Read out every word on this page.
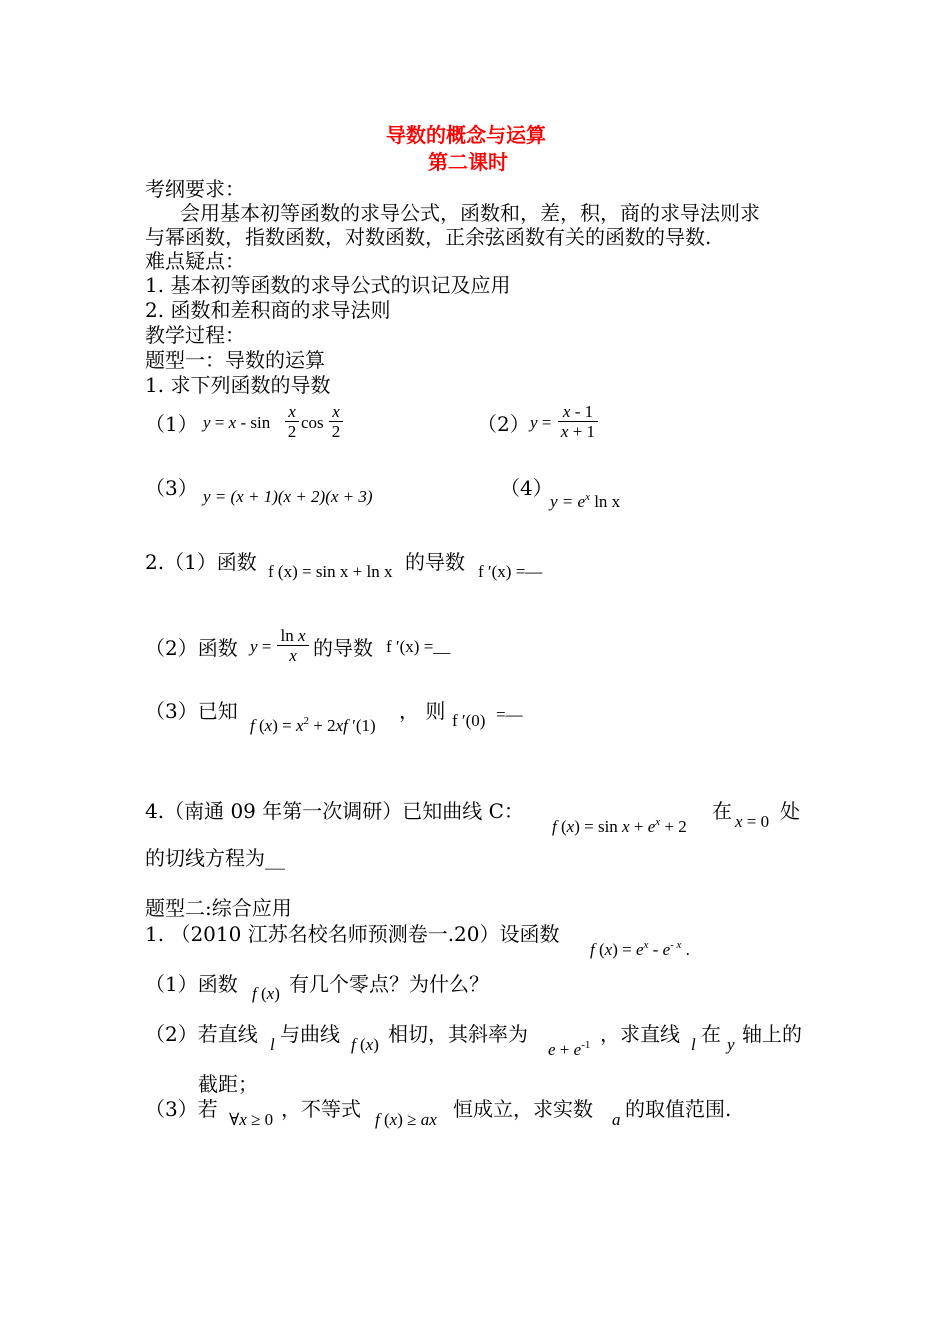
导数的概念与运算
第二课时
考纲要求：
会用基本初等函数的求导公式，函数和，差，积，商的求导法则求
与幂函数，指数函数，对数函数，正余弦函数有关的函数的导数.
难点疑点：
1. 基本初等函数的求导公式的识记及应用
2. 函数和差积商的求导法则
教学过程：
题型一：导数的运算
1. 求下列函数的导数
（1） $y = x - \sin \frac{x}{2}$ $\cos \frac{x}{2}$	（2） $y = \frac{x - 1}{x + 1}$
（3） y = (x + 1)(x + 2)(x + 3)	（4）
$y = e^x$ ln x
2.（1）函数 f (x) = sin x + ln x 的导数 f ′(x) =—
（2）函数 $y = \frac{\text{ln x}}{x}$ 的导数 f ′(x) =__
（3）已知
f $(x) = x^2 + 2xf$ ′(1)
， 则 f ′(0) =—
4.（南通 09 年第一次调研）已知曲线 C：
f $(x) = \sin x + e^x + 2$
在 x = 0 处
的切线方程为__
题型二:综合应用
1. （2010 江苏名校名师预测卷一.20）设函数
f $(x) = e^x - e^{- x}$ .
（1）函数 f (x) 有几个零点？为什么？
（2）若直线 l 与曲线 f (x) 相切，其斜率为
$e + e^{-1}$ ，求直线 l 在 y 轴上的
截距；
（3）若 ∀x ≥ 0 ，不等式 f (x) ≥ ax 恒成立，求实数 a 的取值范围.
